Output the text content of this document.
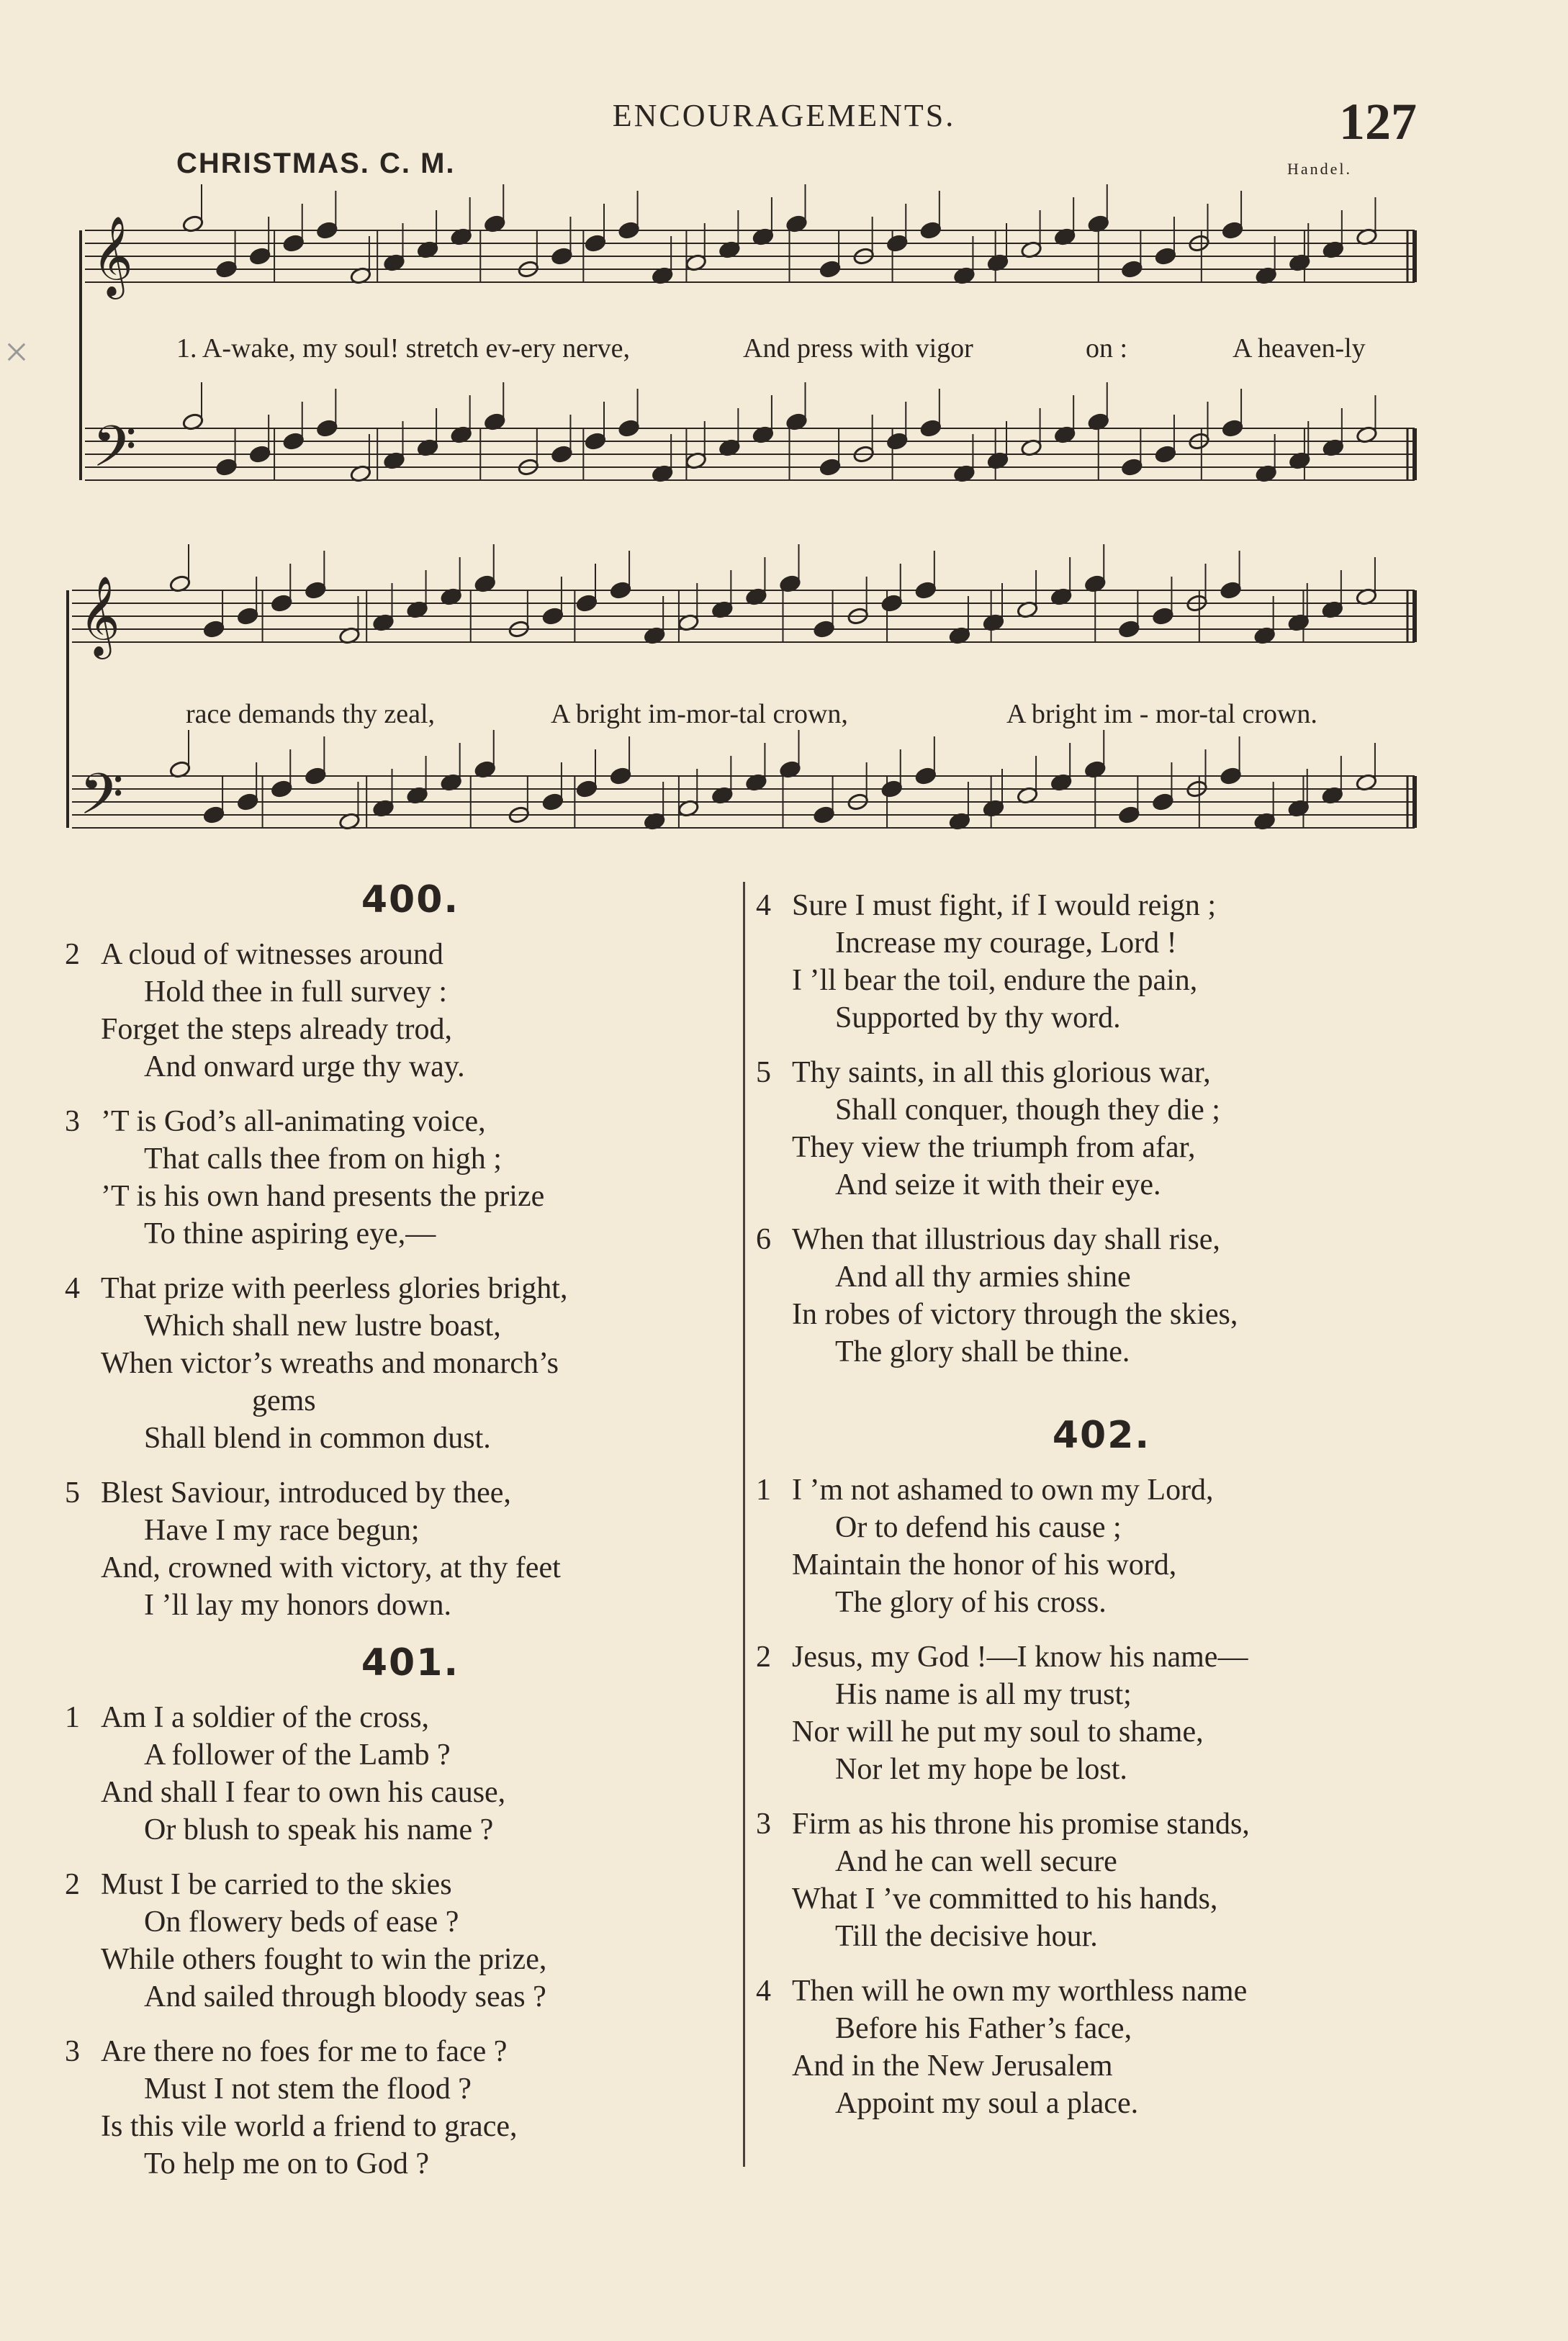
ENCOURAGEMENTS.	127
CHRISTMAS. C. M.	Handel.
×
𝄞
𝄢
𝄞
𝄢
1. A-wake, my soul! stretch ev-ery nerve,	And press with vigor	on :	A heaven-ly
race demands thy zeal,	A bright im-mor-tal crown,	A bright im - mor-tal crown.
400.
2 A cloud of witnesses around
Hold thee in full survey :
Forget the steps already trod,
And onward urge thy way.
3 ’T is God’s all-animating voice,
That calls thee from on high ;
’T is his own hand presents the prize
To thine aspiring eye,—
4 That prize with peerless glories bright,
Which shall new lustre boast,
When victor’s wreaths and monarch’s
gems
Shall blend in common dust.
5 Blest Saviour, introduced by thee,
Have I my race begun;
And, crowned with victory, at thy feet
I ’ll lay my honors down.
401.
1 Am I a soldier of the cross,
A follower of the Lamb ?
And shall I fear to own his cause,
Or blush to speak his name ?
2 Must I be carried to the skies
On flowery beds of ease ?
While others fought to win the prize,
And sailed through bloody seas ?
3 Are there no foes for me to face ?
Must I not stem the flood ?
Is this vile world a friend to grace,
To help me on to God ?
4 Sure I must fight, if I would reign ;
Increase my courage, Lord !
I ’ll bear the toil, endure the pain,
Supported by thy word.
5 Thy saints, in all this glorious war,
Shall conquer, though they die ;
They view the triumph from afar,
And seize it with their eye.
6 When that illustrious day shall rise,
And all thy armies shine
In robes of victory through the skies,
The glory shall be thine.
402.
1 I ’m not ashamed to own my Lord,
Or to defend his cause ;
Maintain the honor of his word,
The glory of his cross.
2 Jesus, my God !—I know his name—
His name is all my trust;
Nor will he put my soul to shame,
Nor let my hope be lost.
3 Firm as his throne his promise stands,
And he can well secure
What I ’ve committed to his hands,
Till the decisive hour.
4 Then will he own my worthless name
Before his Father’s face,
And in the New Jerusalem
Appoint my soul a place.
